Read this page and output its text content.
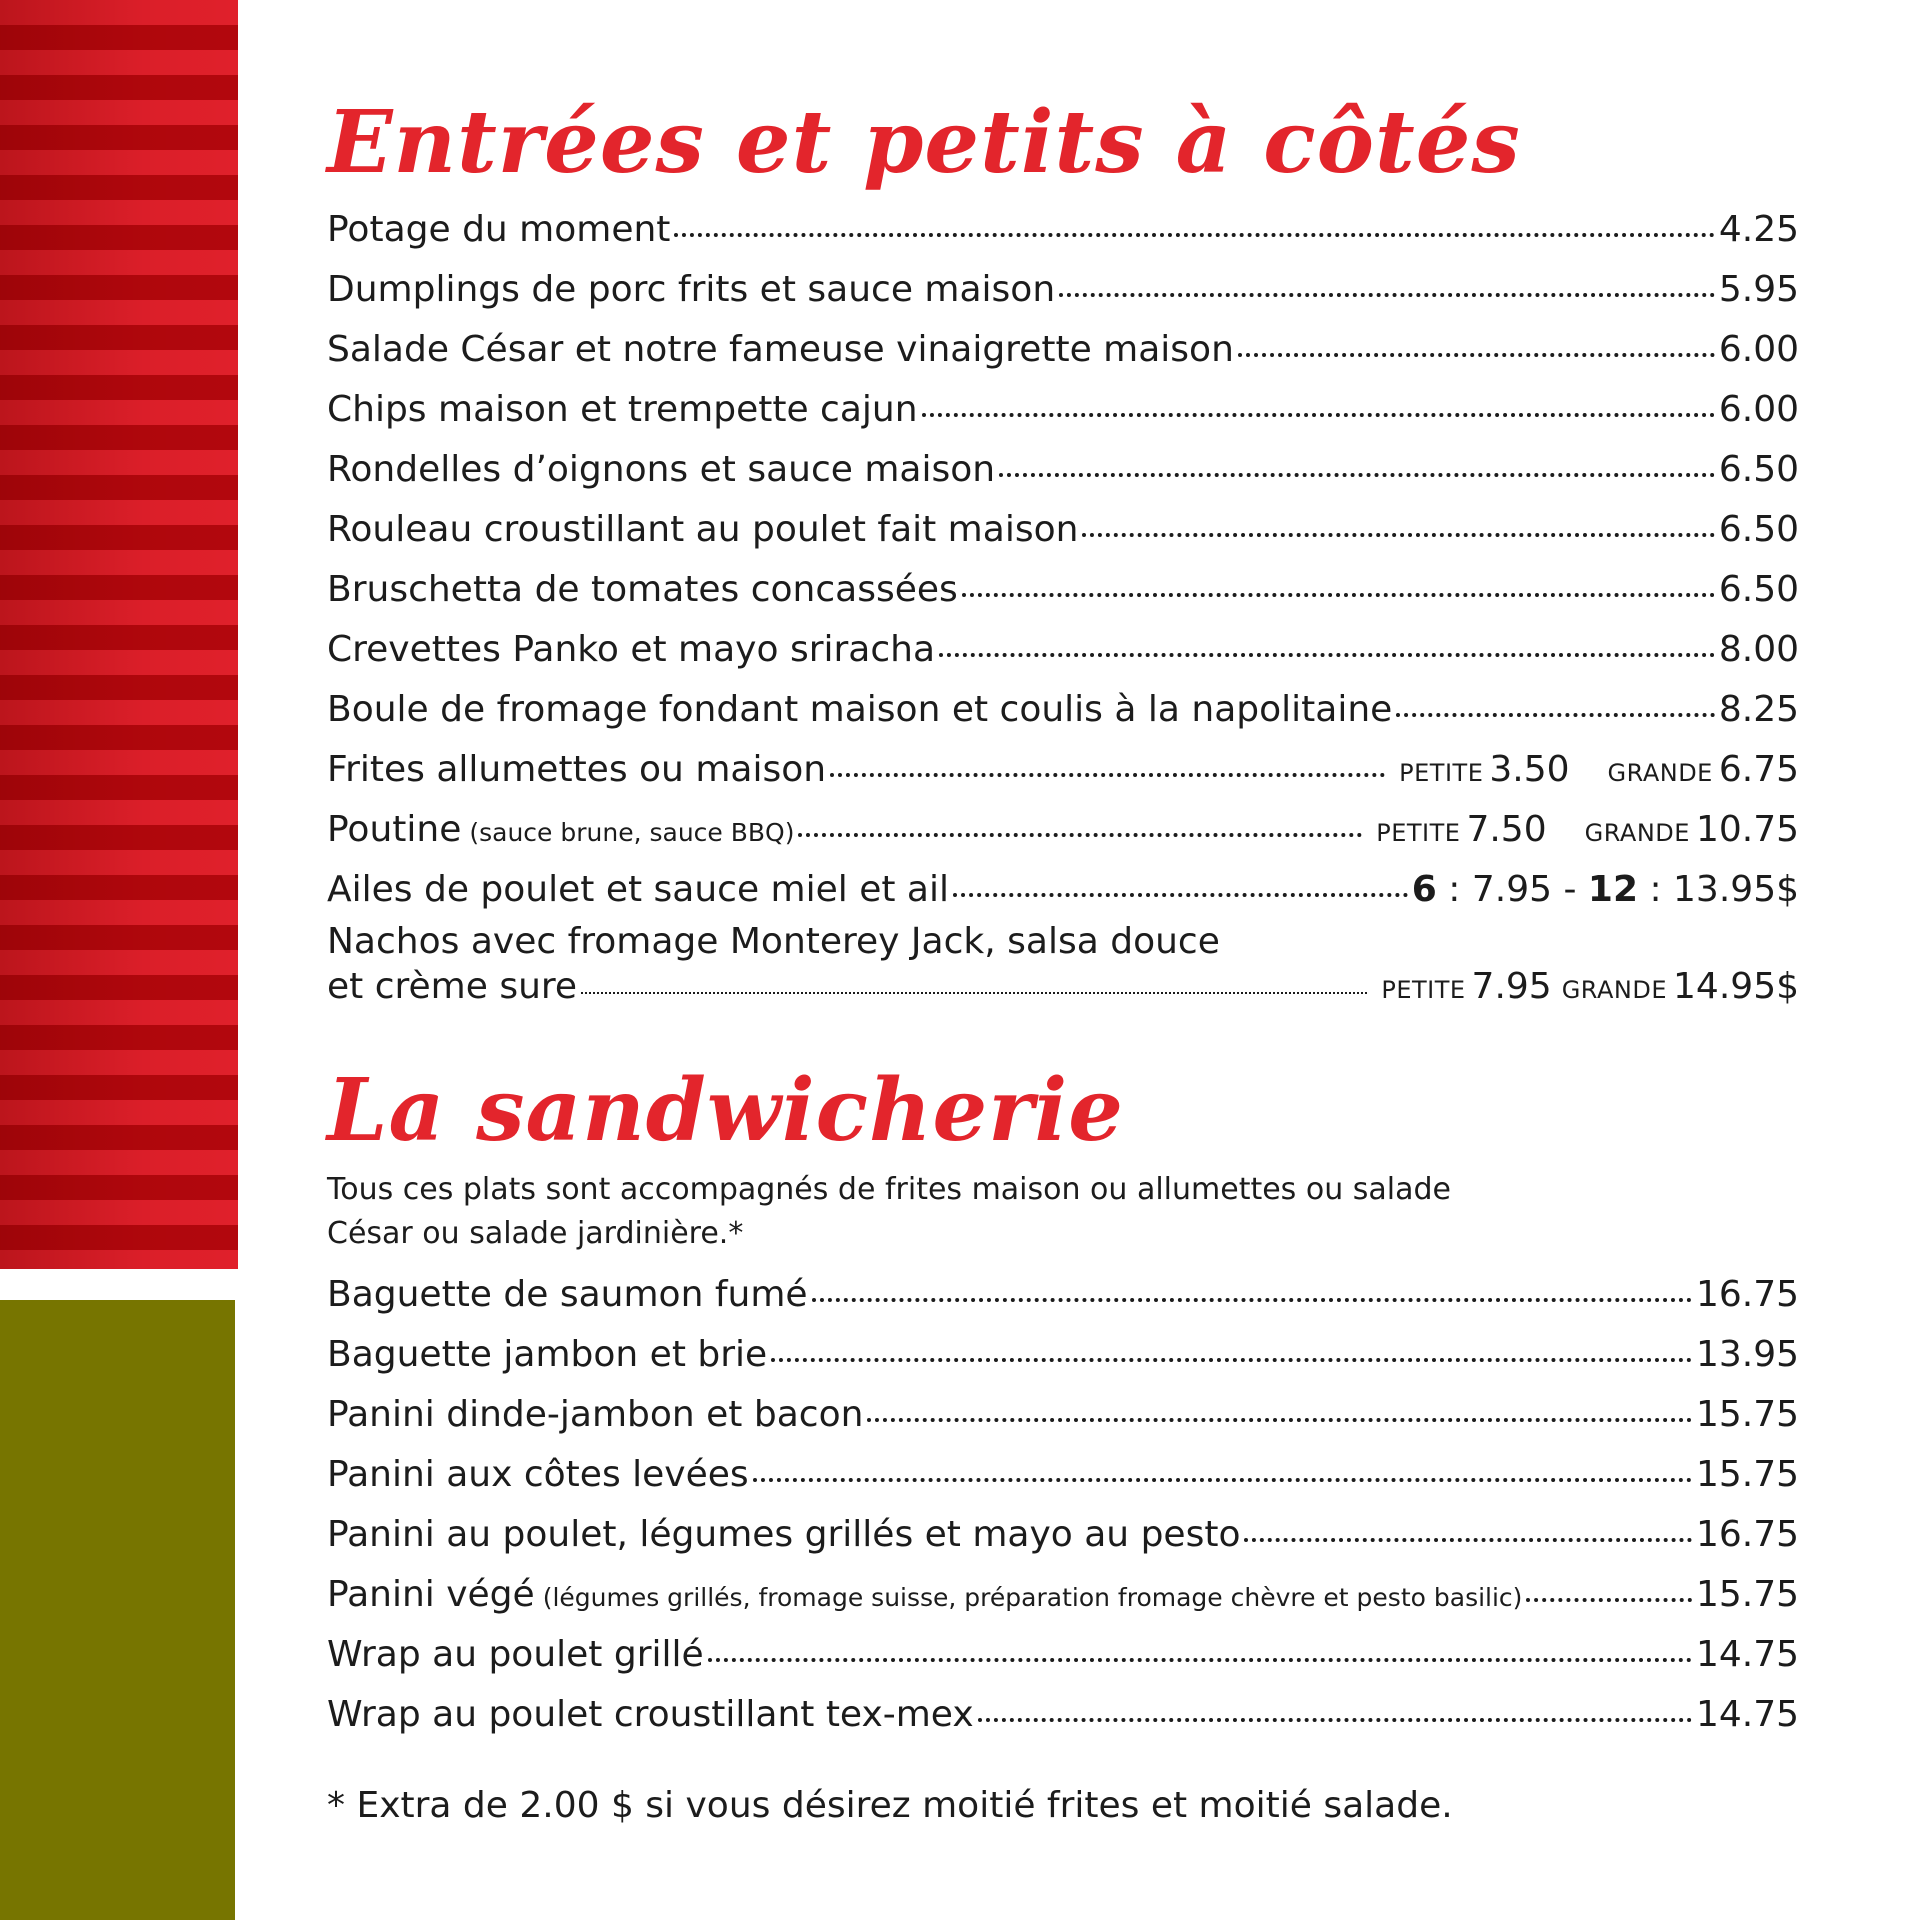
Entrées et petits à côtés
Potage du moment	4.25
Dumplings de porc frits et sauce maison	5.95
Salade César et notre fameuse vinaigrette maison	6.00
Chips maison et trempette cajun	6.00
Rondelles d’oignons et sauce maison	6.50
Rouleau croustillant au poulet fait maison	6.50
Bruschetta de tomates concassées	6.50
Crevettes Panko et mayo sriracha	8.00
Boule de fromage fondant maison et coulis à la napolitaine	8.25
Frites allumettes ou maison	PETITE 3.50 GRANDE 6.75
Poutine (sauce brune, sauce BBQ)	PETITE 7.50 GRANDE 10.75
Ailes de poulet et sauce miel et ail	6 : 7.95 - 12 : 13.95$
Nachos avec fromage Monterey Jack, salsa douce
et crème sure	PETITE 7.95 GRANDE 14.95$
La sandwicherie

Tous ces plats sont accompagnés de frites maison ou allumettes ou salade César ou salade jardinière.*

Baguette de saumon fumé	16.75
Baguette jambon et brie	13.95
Panini dinde-jambon et bacon	15.75
Panini aux côtes levées	15.75
Panini au poulet, légumes grillés et mayo au pesto	16.75
Panini végé (légumes grillés, fromage suisse, préparation fromage chèvre et pesto basilic)	15.75
Wrap au poulet grillé	14.75
Wrap au poulet croustillant tex-mex	14.75

* Extra de 2.00 $ si vous désirez moitié frites et moitié salade.
